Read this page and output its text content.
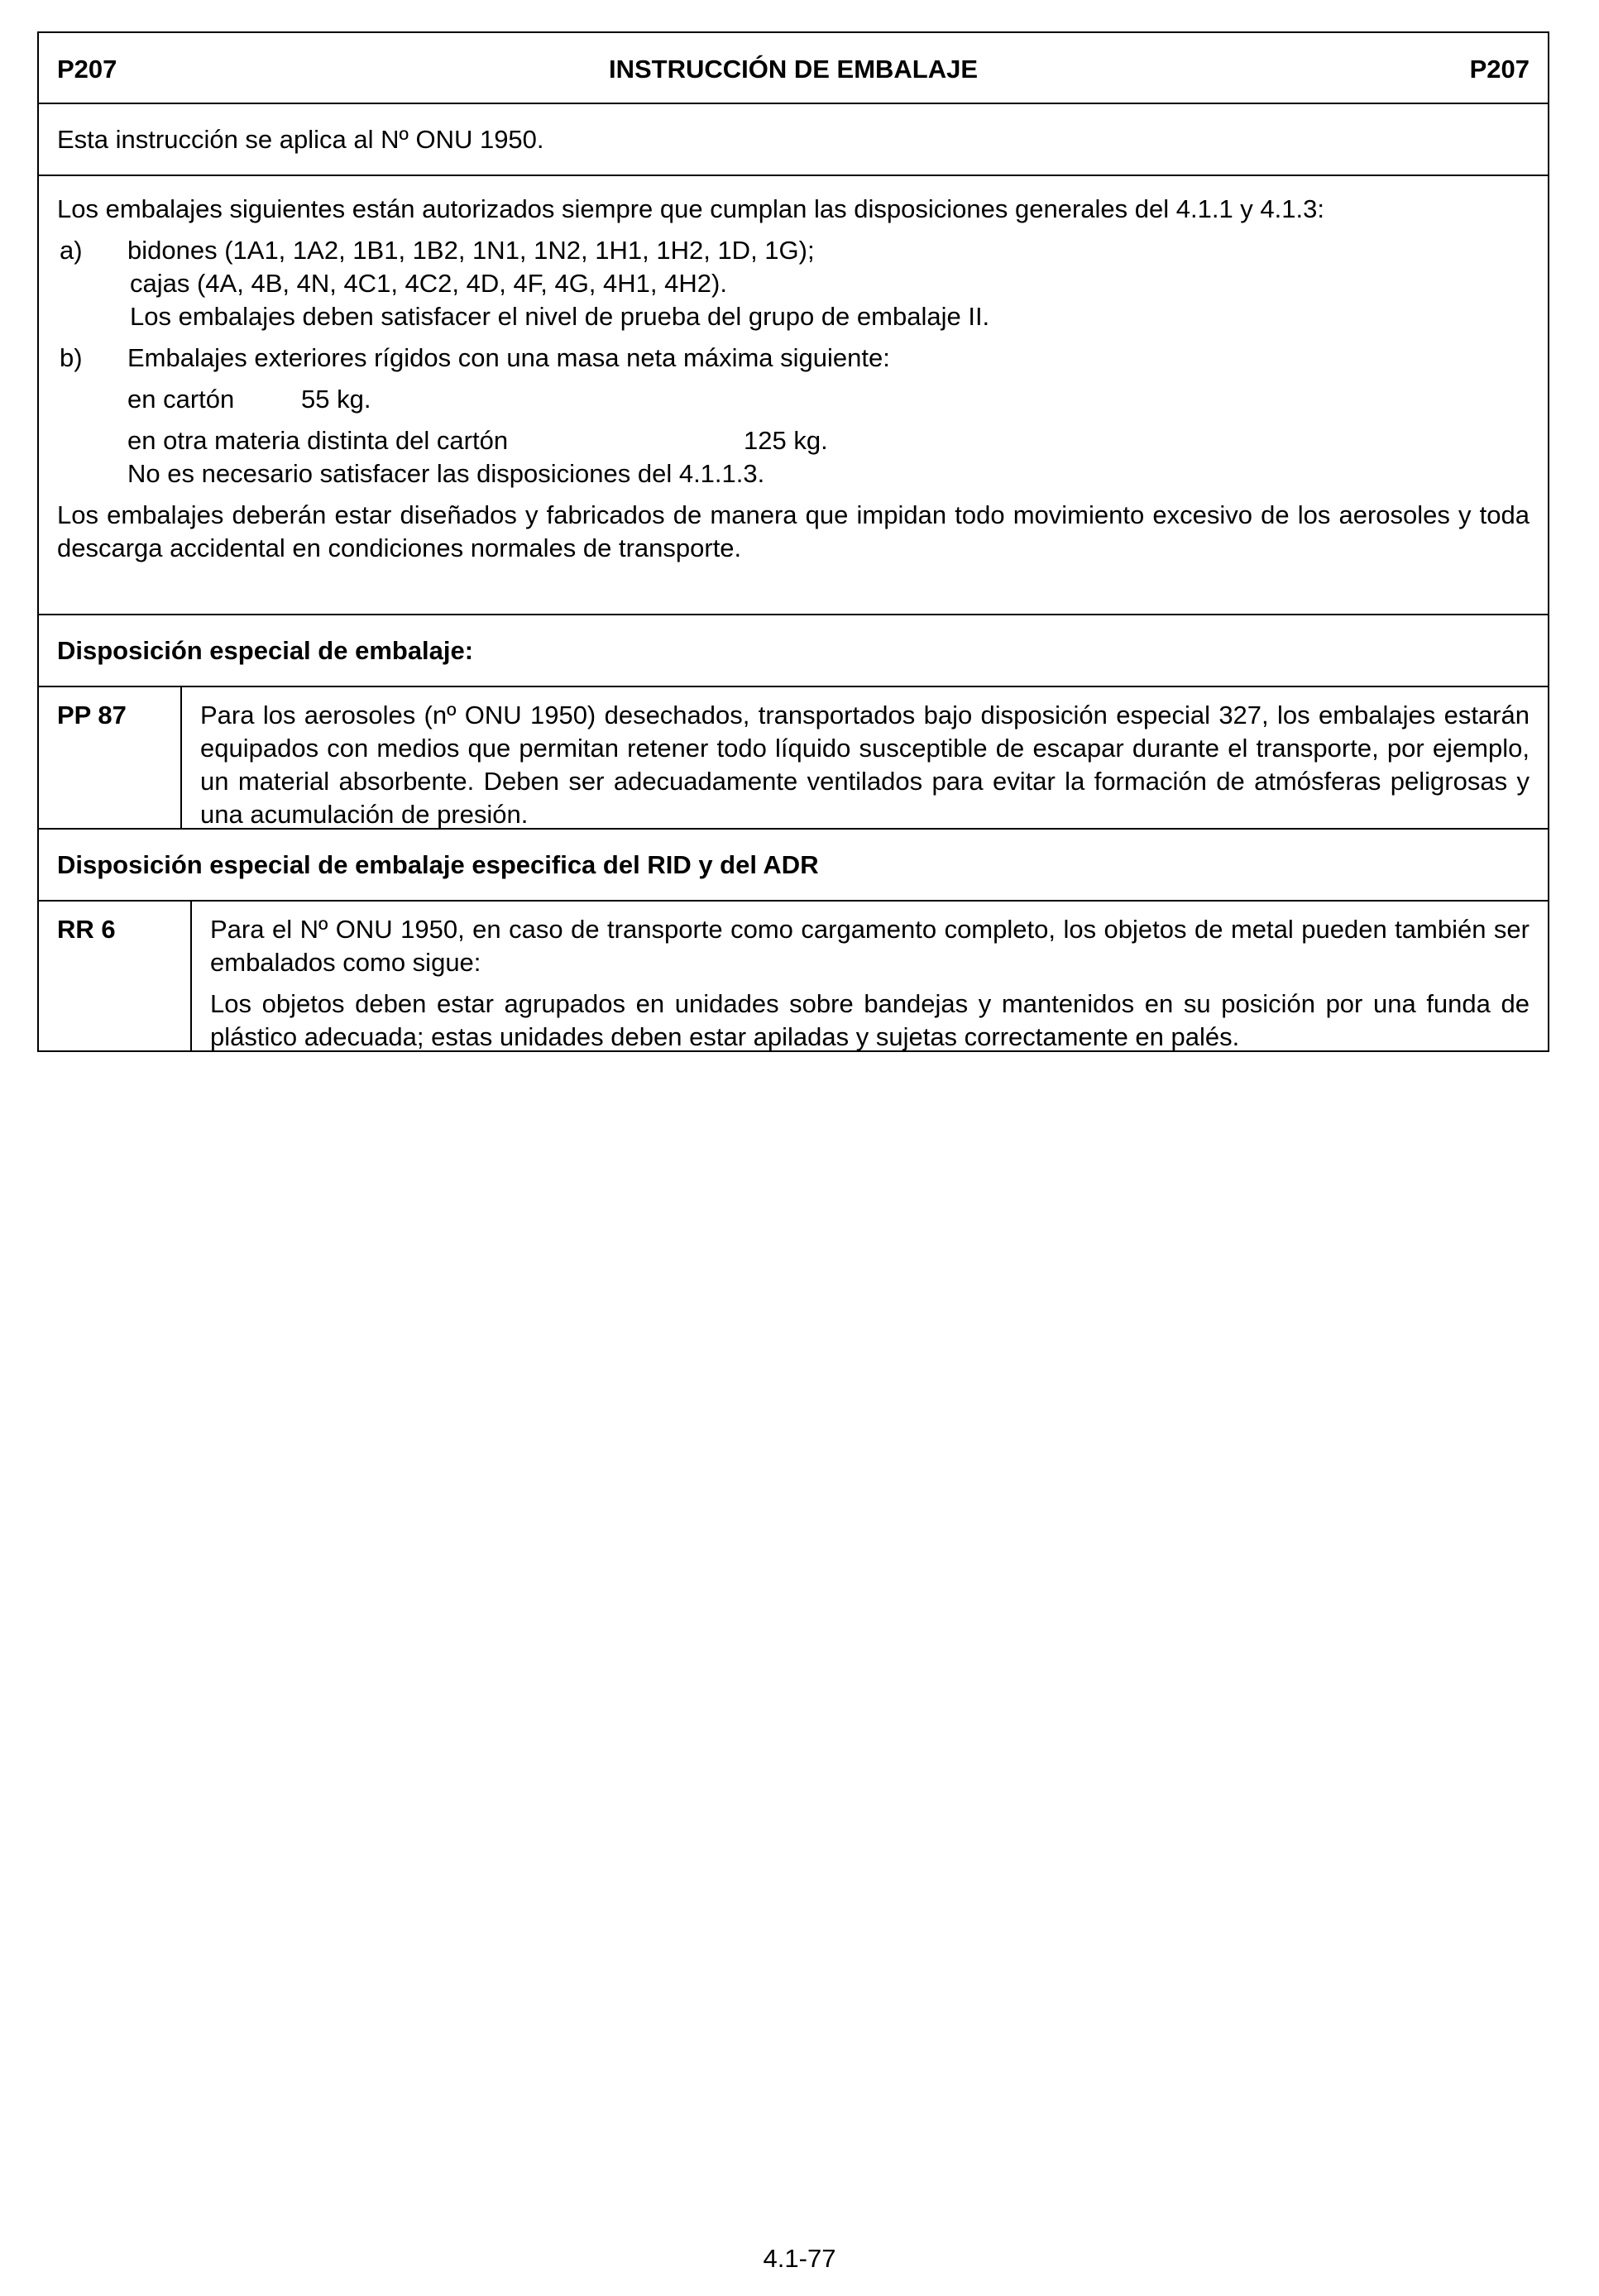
P207	INSTRUCCIÓN DE EMBALAJE	P207
Esta instrucción se aplica al Nº ONU 1950.
Los embalajes siguientes están autorizados siempre que cumplan las disposiciones generales del 4.1.1 y 4.1.3:
a) bidones (1A1, 1A2, 1B1, 1B2, 1N1, 1N2, 1H1, 1H2, 1D, 1G);
cajas (4A, 4B, 4N, 4C1, 4C2, 4D, 4F, 4G, 4H1, 4H2).
Los embalajes deben satisfacer el nivel de prueba del grupo de embalaje II.
b) Embalajes exteriores rígidos con una masa neta máxima siguiente:
en cartón	55 kg.
en otra materia distinta del cartón	125 kg.
No es necesario satisfacer las disposiciones del 4.1.1.3.
Los embalajes deberán estar diseñados y fabricados de manera que impidan todo movimiento excesivo de los aerosoles y toda descarga accidental en condiciones normales de transporte.
Disposición especial de embalaje:
PP 87	Para los aerosoles (nº ONU 1950) desechados, transportados bajo disposición especial 327, los embalajes estarán equipados con medios que permitan retener todo líquido susceptible de escapar durante el transporte, por ejemplo, un material absorbente. Deben ser adecuadamente ventilados para evitar la formación de atmósferas peligrosas y una acumulación de presión.
Disposición especial de embalaje especifica del RID y del ADR
RR 6	Para el Nº ONU 1950, en caso de transporte como cargamento completo, los objetos de metal pueden también ser embalados como sigue:
Los objetos deben estar agrupados en unidades sobre bandejas y mantenidos en su posición por una funda de plástico adecuada; estas unidades deben estar apiladas y sujetas correctamente en palés.
4.1-77
